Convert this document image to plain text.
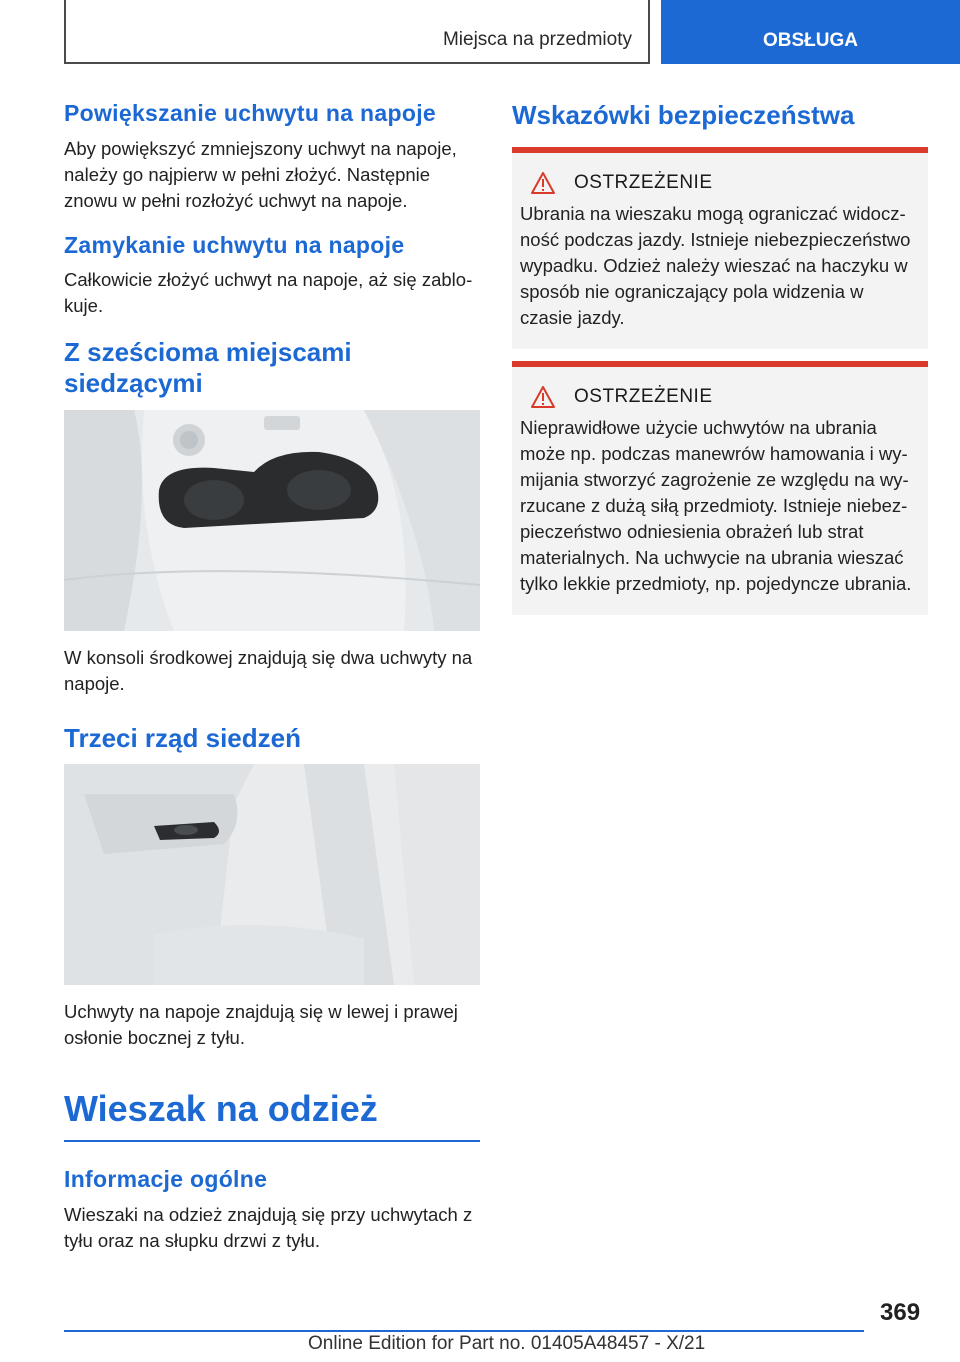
Miejsca na przedmioty	OBSŁUGA
Powiększanie uchwytu na napoje

Aby powiększyć zmniejszony uchwyt na napoje, należy go najpierw w pełni złożyć. Następnie znowu w pełni rozłożyć uchwyt na napoje.

Zamykanie uchwytu na napoje

Całkowicie złożyć uchwyt na napoje, aż się zablokuje.

Z sześcioma miejscami siedzącymi

W konsoli środkowej znajdują się dwa uchwyty na napoje.

Trzeci rząd siedzeń

Uchwyty na napoje znajdują się w lewej i prawej osłonie bocznej z tyłu.

Wieszak na odzież
Informacje ogólne

Wieszaki na odzież znajdują się przy uchwytach z tyłu oraz na słupku drzwi z tyłu.

Wskazówki bezpieczeństwa
OSTRZEŻENIE

Ubrania na wieszaku mogą ograniczać widoczność podczas jazdy. Istnieje niebezpieczeństwo wypadku. Odzież należy wieszać na haczyku w sposób nie ograniczający pola widzenia w czasie jazdy.

OSTRZEŻENIE

Nieprawidłowe użycie uchwytów na ubrania może np. podczas manewrów hamowania i wymijania stworzyć zagrożenie ze względu na wyrzucane z dużą siłą przedmioty. Istnieje niebezpieczeństwo odniesienia obrażeń lub strat materialnych. Na uchwycie na ubrania wieszać tylko lekkie przedmioty, np. pojedyncze ubrania.

369
Online Edition for Part no. 01405A48457 - X/21
